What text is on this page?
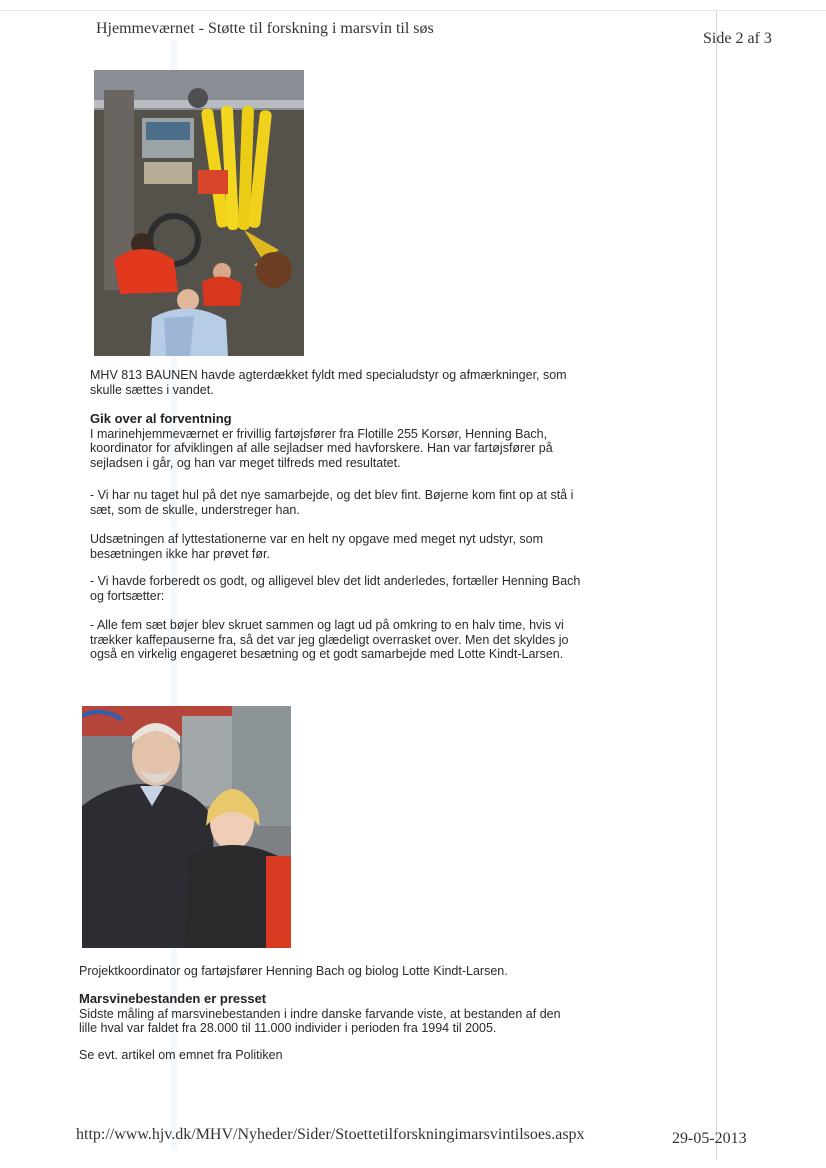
Hjemmeværnet - Støtte til forskning i marsvin til søs
Side 2 af 3
MHV 813 BAUNEN havde agterdækket fyldt med specialudstyr og afmærkninger, som skulle sættes i vandet.
Gik over al forventning
I marinehjemmeværnet er frivillig fartøjsfører fra Flotille 255 Korsør, Henning Bach, koordinator for afviklingen af alle sejladser med havforskere. Han var fartøjsfører på sejladsen i går, og han var meget tilfreds med resultatet.
- Vi har nu taget hul på det nye samarbejde, og det blev fint. Bøjerne kom fint op at stå i sæt, som de skulle, understreger han.
Udsætningen af lyttestationerne var en helt ny opgave med meget nyt udstyr, som besætningen ikke har prøvet før.
- Vi havde forberedt os godt, og alligevel blev det lidt anderledes, fortæller Henning Bach og fortsætter:
- Alle fem sæt bøjer blev skruet sammen og lagt ud på omkring to en halv time, hvis vi trækker kaffepauserne fra, så det var jeg glædeligt overrasket over. Men det skyldes jo også en virkelig engageret besætning og et godt samarbejde med Lotte Kindt-Larsen.
Projektkoordinator og fartøjsfører Henning Bach og biolog Lotte Kindt-Larsen.
Marsvinebestanden er presset
Sidste måling af marsvinebestanden i indre danske farvande viste, at bestanden af den lille hval var faldet fra 28.000 til 11.000 individer i perioden fra 1994 til 2005.
Se evt. artikel om emnet fra Politiken
http://www.hjv.dk/MHV/Nyheder/Sider/Stoettetilforskningimarsvintilsoes.aspx	29-05-2013
